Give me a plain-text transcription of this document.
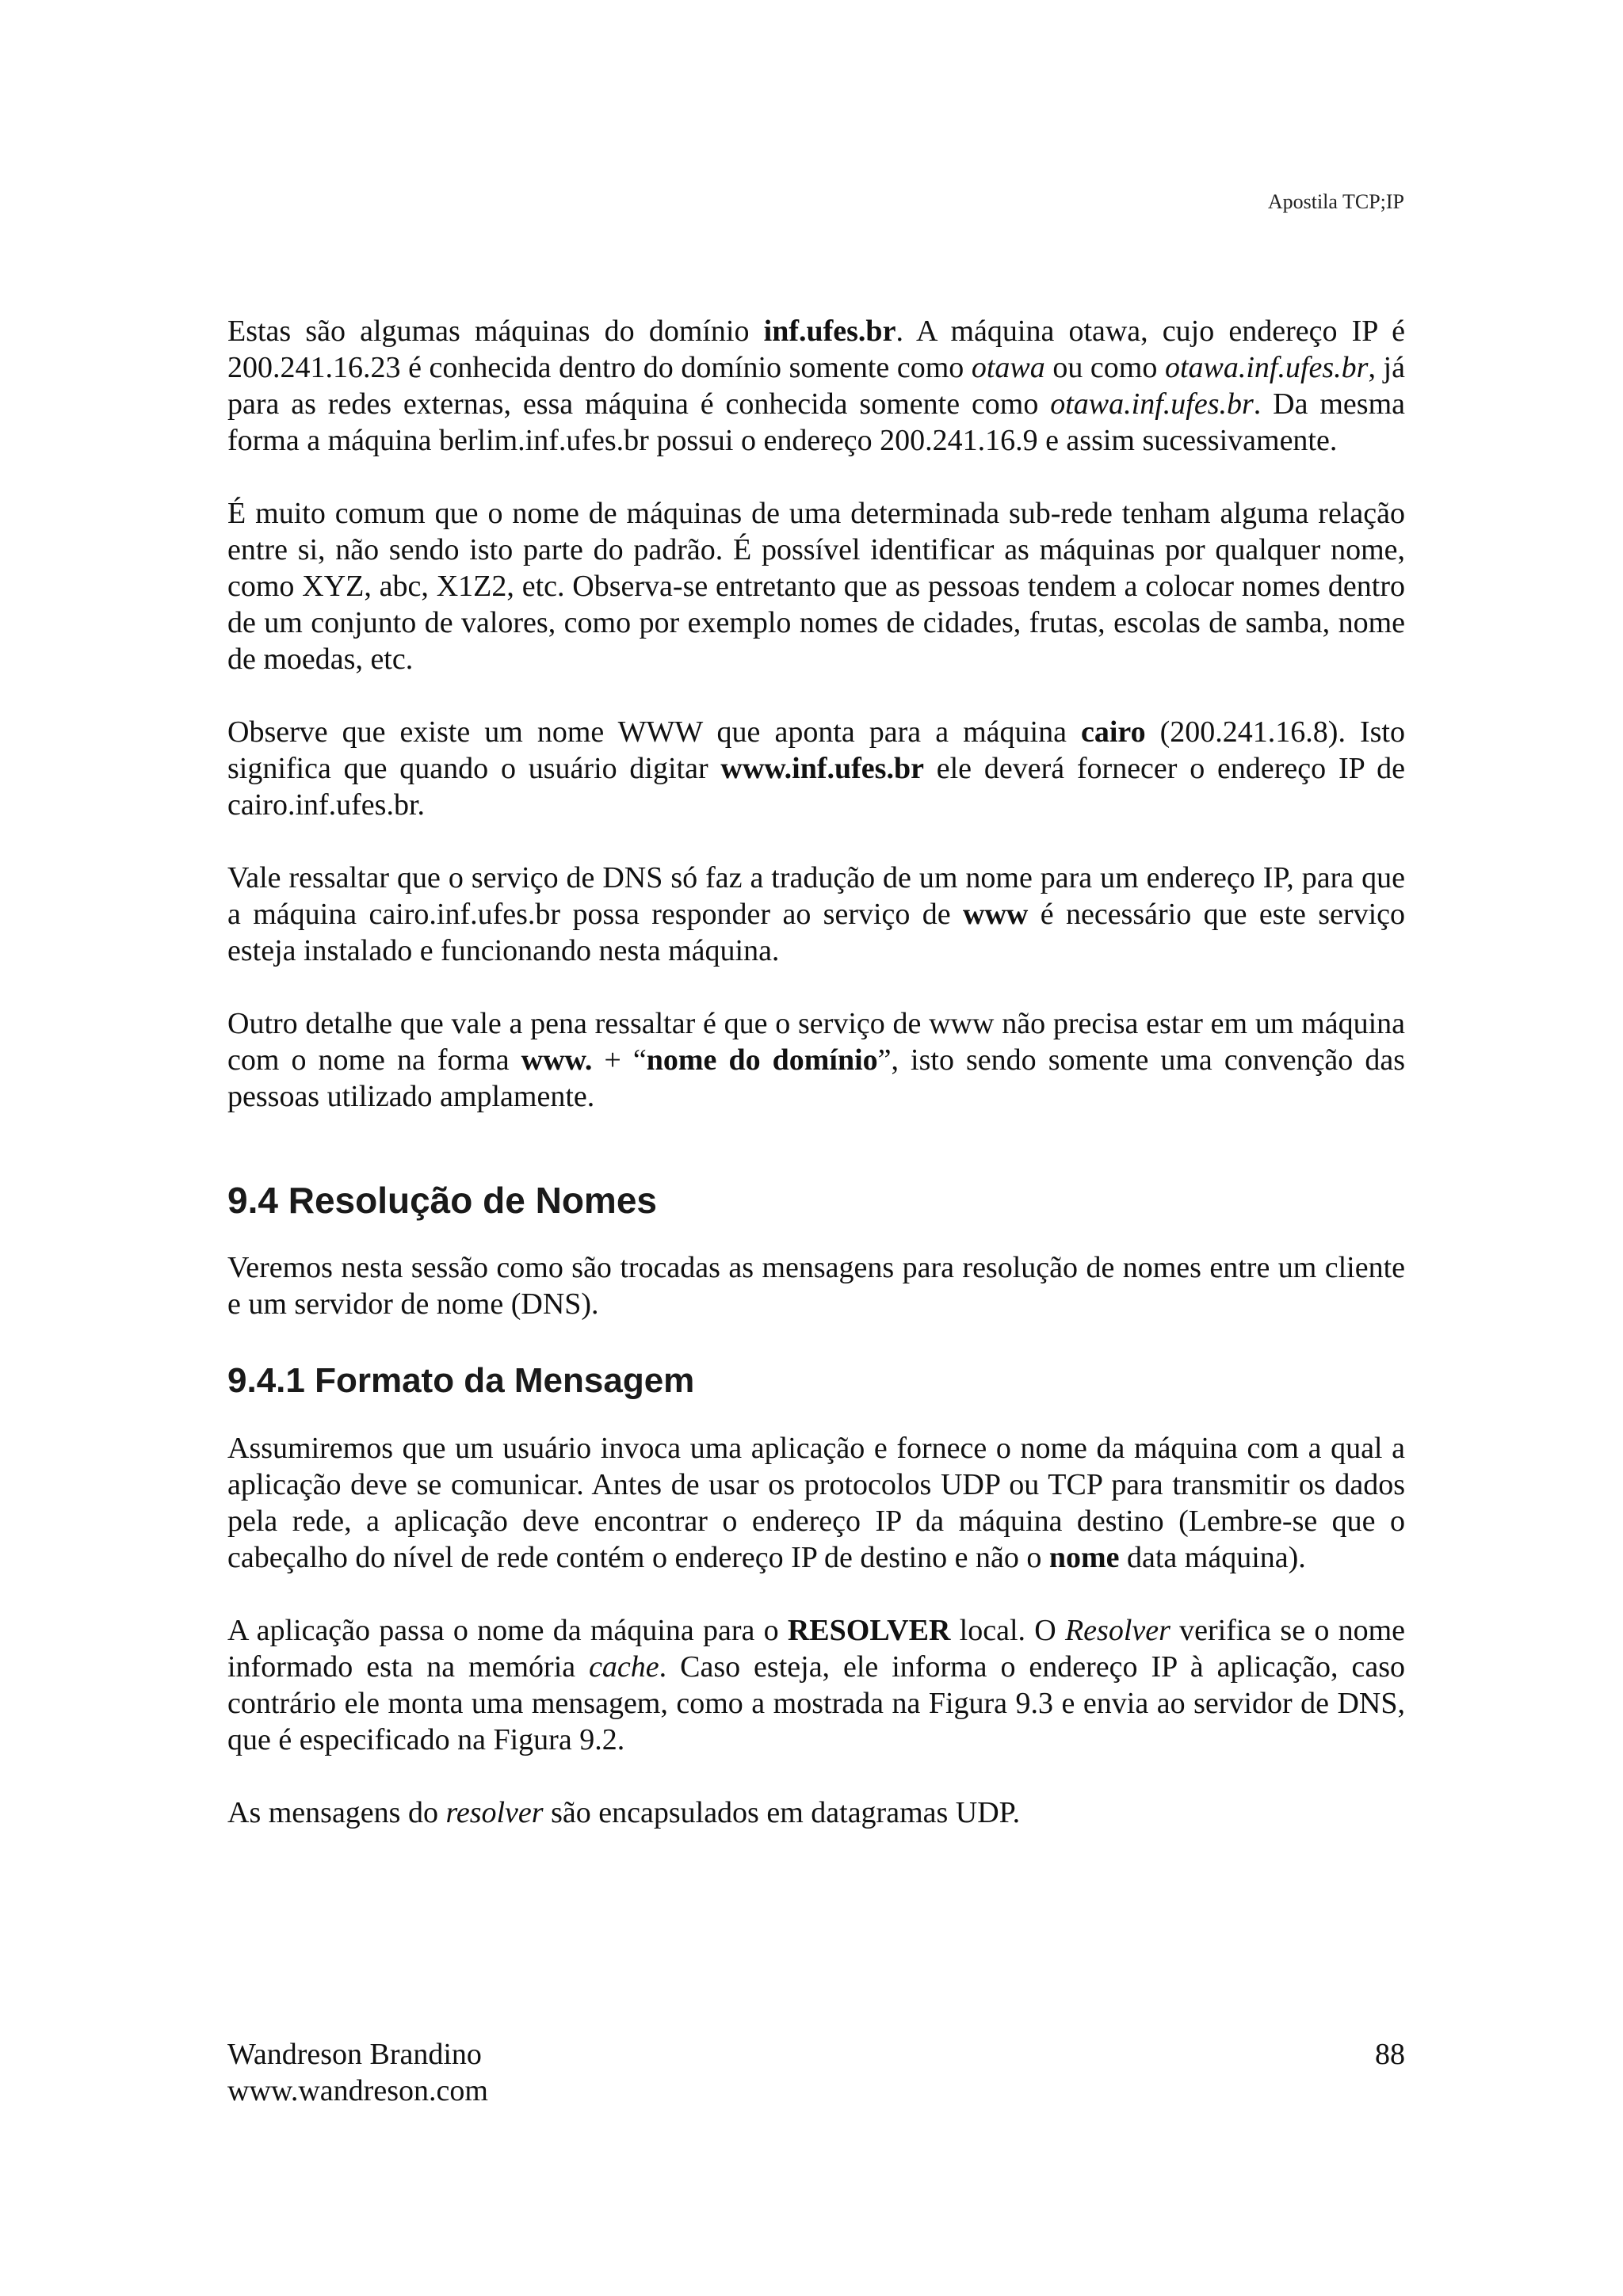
Apostila TCP;IP

Estas são algumas máquinas do domínio inf.ufes.br. A máquina otawa, cujo endereço IP é 200.241.16.23 é conhecida dentro do domínio somente como otawa ou como otawa.inf.ufes.br, já para as redes externas, essa máquina é conhecida somente como otawa.inf.ufes.br. Da mesma forma a máquina berlim.inf.ufes.br possui o endereço 200.241.16.9 e assim sucessivamente.

É muito comum que o nome de máquinas de uma determinada sub-rede tenham alguma relação entre si, não sendo isto parte do padrão. É possível identificar as máquinas por qualquer nome, como XYZ, abc, X1Z2, etc. Observa-se entretanto que as pessoas tendem a colocar nomes dentro de um conjunto de valores, como por exemplo nomes de cidades, frutas, escolas de samba, nome de moedas, etc.

Observe que existe um nome WWW que aponta para a máquina cairo (200.241.16.8). Isto significa que quando o usuário digitar www.inf.ufes.br ele deverá fornecer o endereço IP de cairo.inf.ufes.br.

Vale ressaltar que o serviço de DNS só faz a tradução de um nome para um endereço IP, para que a máquina cairo.inf.ufes.br possa responder ao serviço de www é necessário que este serviço esteja instalado e funcionando nesta máquina.

Outro detalhe que vale a pena ressaltar é que o serviço de www não precisa estar em um máquina com o nome na forma www. + “nome do domínio”, isto sendo somente uma convenção das pessoas utilizado amplamente.

9.4 Resolução de Nomes

Veremos nesta sessão como são trocadas as mensagens para resolução de nomes entre um cliente e um servidor de nome (DNS).

9.4.1 Formato da Mensagem

Assumiremos que um usuário invoca uma aplicação e fornece o nome da máquina com a qual a aplicação deve se comunicar. Antes de usar os protocolos UDP ou TCP para transmitir os dados pela rede, a aplicação deve encontrar o endereço IP da máquina destino (Lembre-se que o cabeçalho do nível de rede contém o endereço IP de destino e não o nome data máquina).

A aplicação passa o nome da máquina para o RESOLVER local. O Resolver verifica se o nome informado esta na memória cache. Caso esteja, ele informa o endereço IP à aplicação, caso contrário ele monta uma mensagem, como a mostrada na Figura 9.3 e envia ao servidor de DNS, que é especificado na Figura 9.2.

As mensagens do resolver são encapsulados em datagramas UDP.

Wandreson Brandino
www.wandreson.com
88
